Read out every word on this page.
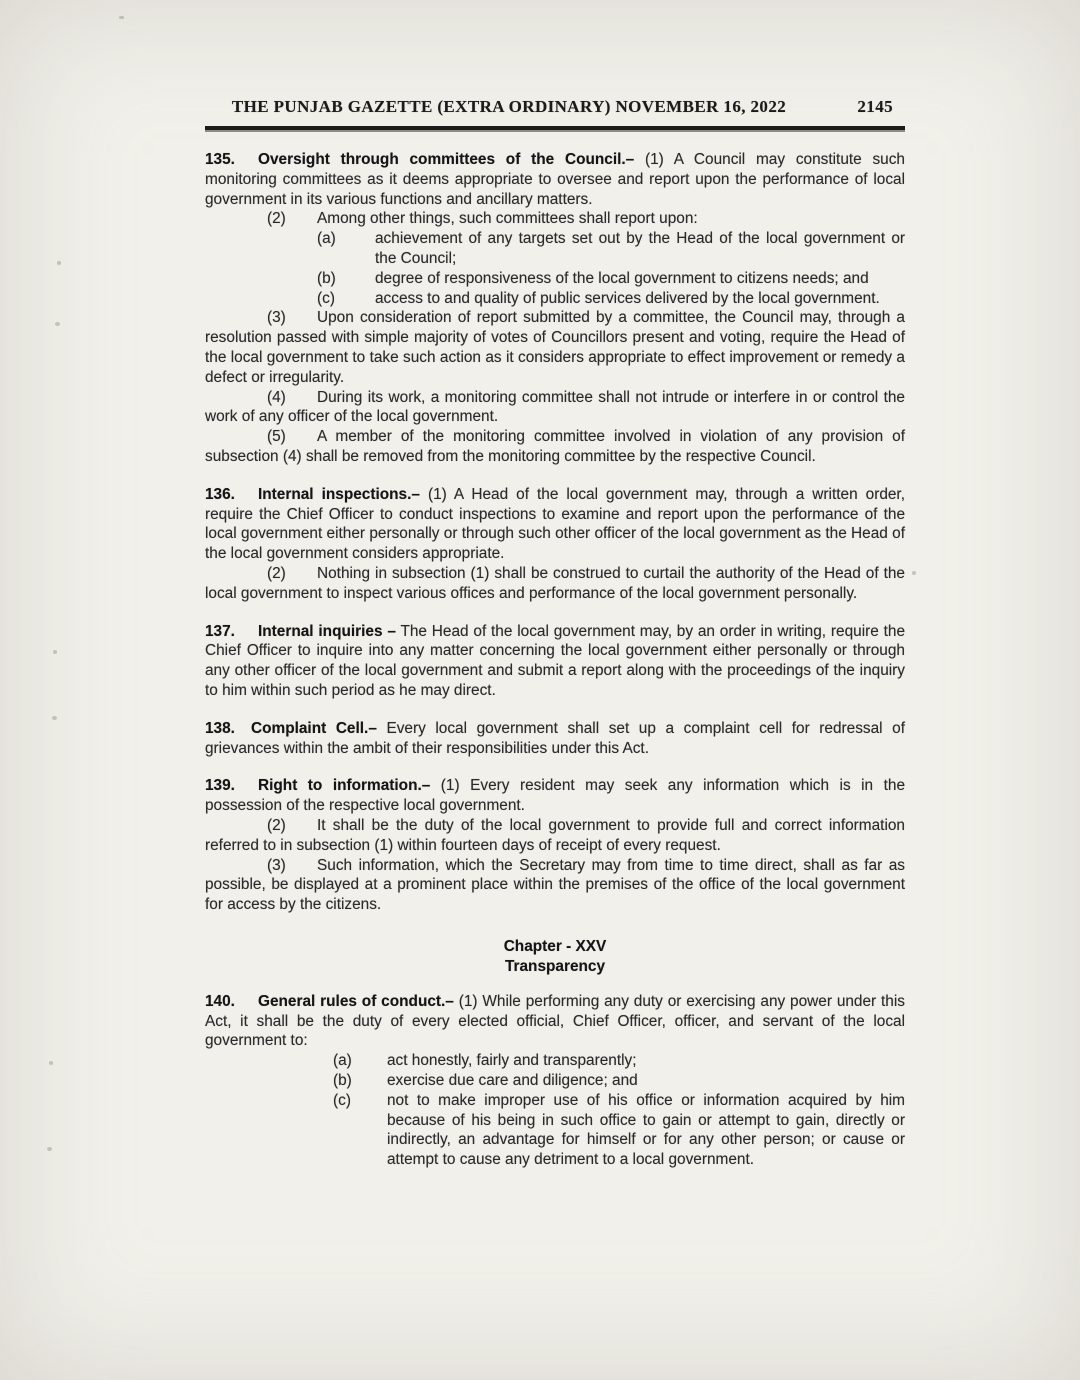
THE PUNJAB GAZETTE (EXTRA ORDINARY) NOVEMBER 16, 2022	2145

135. Oversight through committees of the Council.– (1) A Council may constitute such monitoring committees as it deems appropriate to oversee and report upon the performance of local government in its various functions and ancillary matters.

(2) Among other things, such committees shall report upon:

(a)	achievement of any targets set out by the Head of the local government or the Council;

(b)	degree of responsiveness of the local government to citizens needs; and

(c)	access to and quality of public services delivered by the local government.

(3) Upon consideration of report submitted by a committee, the Council may, through a resolution passed with simple majority of votes of Councillors present and voting, require the Head of the local government to take such action as it considers appropriate to effect improvement or remedy a defect or irregularity.

(4) During its work, a monitoring committee shall not intrude or interfere in or control the work of any officer of the local government.

(5) A member of the monitoring committee involved in violation of any provision of subsection (4) shall be removed from the monitoring committee by the respective Council.

136. Internal inspections.– (1) A Head of the local government may, through a written order, require the Chief Officer to conduct inspections to examine and report upon the performance of the local government either personally or through such other officer of the local government as the Head of the local government considers appropriate.

(2) Nothing in subsection (1) shall be construed to curtail the authority of the Head of the local government to inspect various offices and performance of the local government personally.

137. Internal inquiries – The Head of the local government may, by an order in writing, require the Chief Officer to inquire into any matter concerning the local government either personally or through any other officer of the local government and submit a report along with the proceedings of the inquiry to him within such period as he may direct.

138. Complaint Cell.– Every local government shall set up a complaint cell for redressal of grievances within the ambit of their responsibilities under this Act.

139. Right to information.– (1) Every resident may seek any information which is in the possession of the respective local government.

(2) It shall be the duty of the local government to provide full and correct information referred to in subsection (1) within fourteen days of receipt of every request.

(3) Such information, which the Secretary may from time to time direct, shall as far as possible, be displayed at a prominent place within the premises of the office of the local government for access by the citizens.

Chapter - XXV
Transparency

140. General rules of conduct.– (1) While performing any duty or exercising any power under this Act, it shall be the duty of every elected official, Chief Officer, officer, and servant of the local government to:

(a) act honestly, fairly and transparently;

(b) exercise due care and diligence; and

(c) not to make improper use of his office or information acquired by him because of his being in such office to gain or attempt to gain, directly or indirectly, an advantage for himself or for any other person; or cause or attempt to cause any detriment to a local government.
